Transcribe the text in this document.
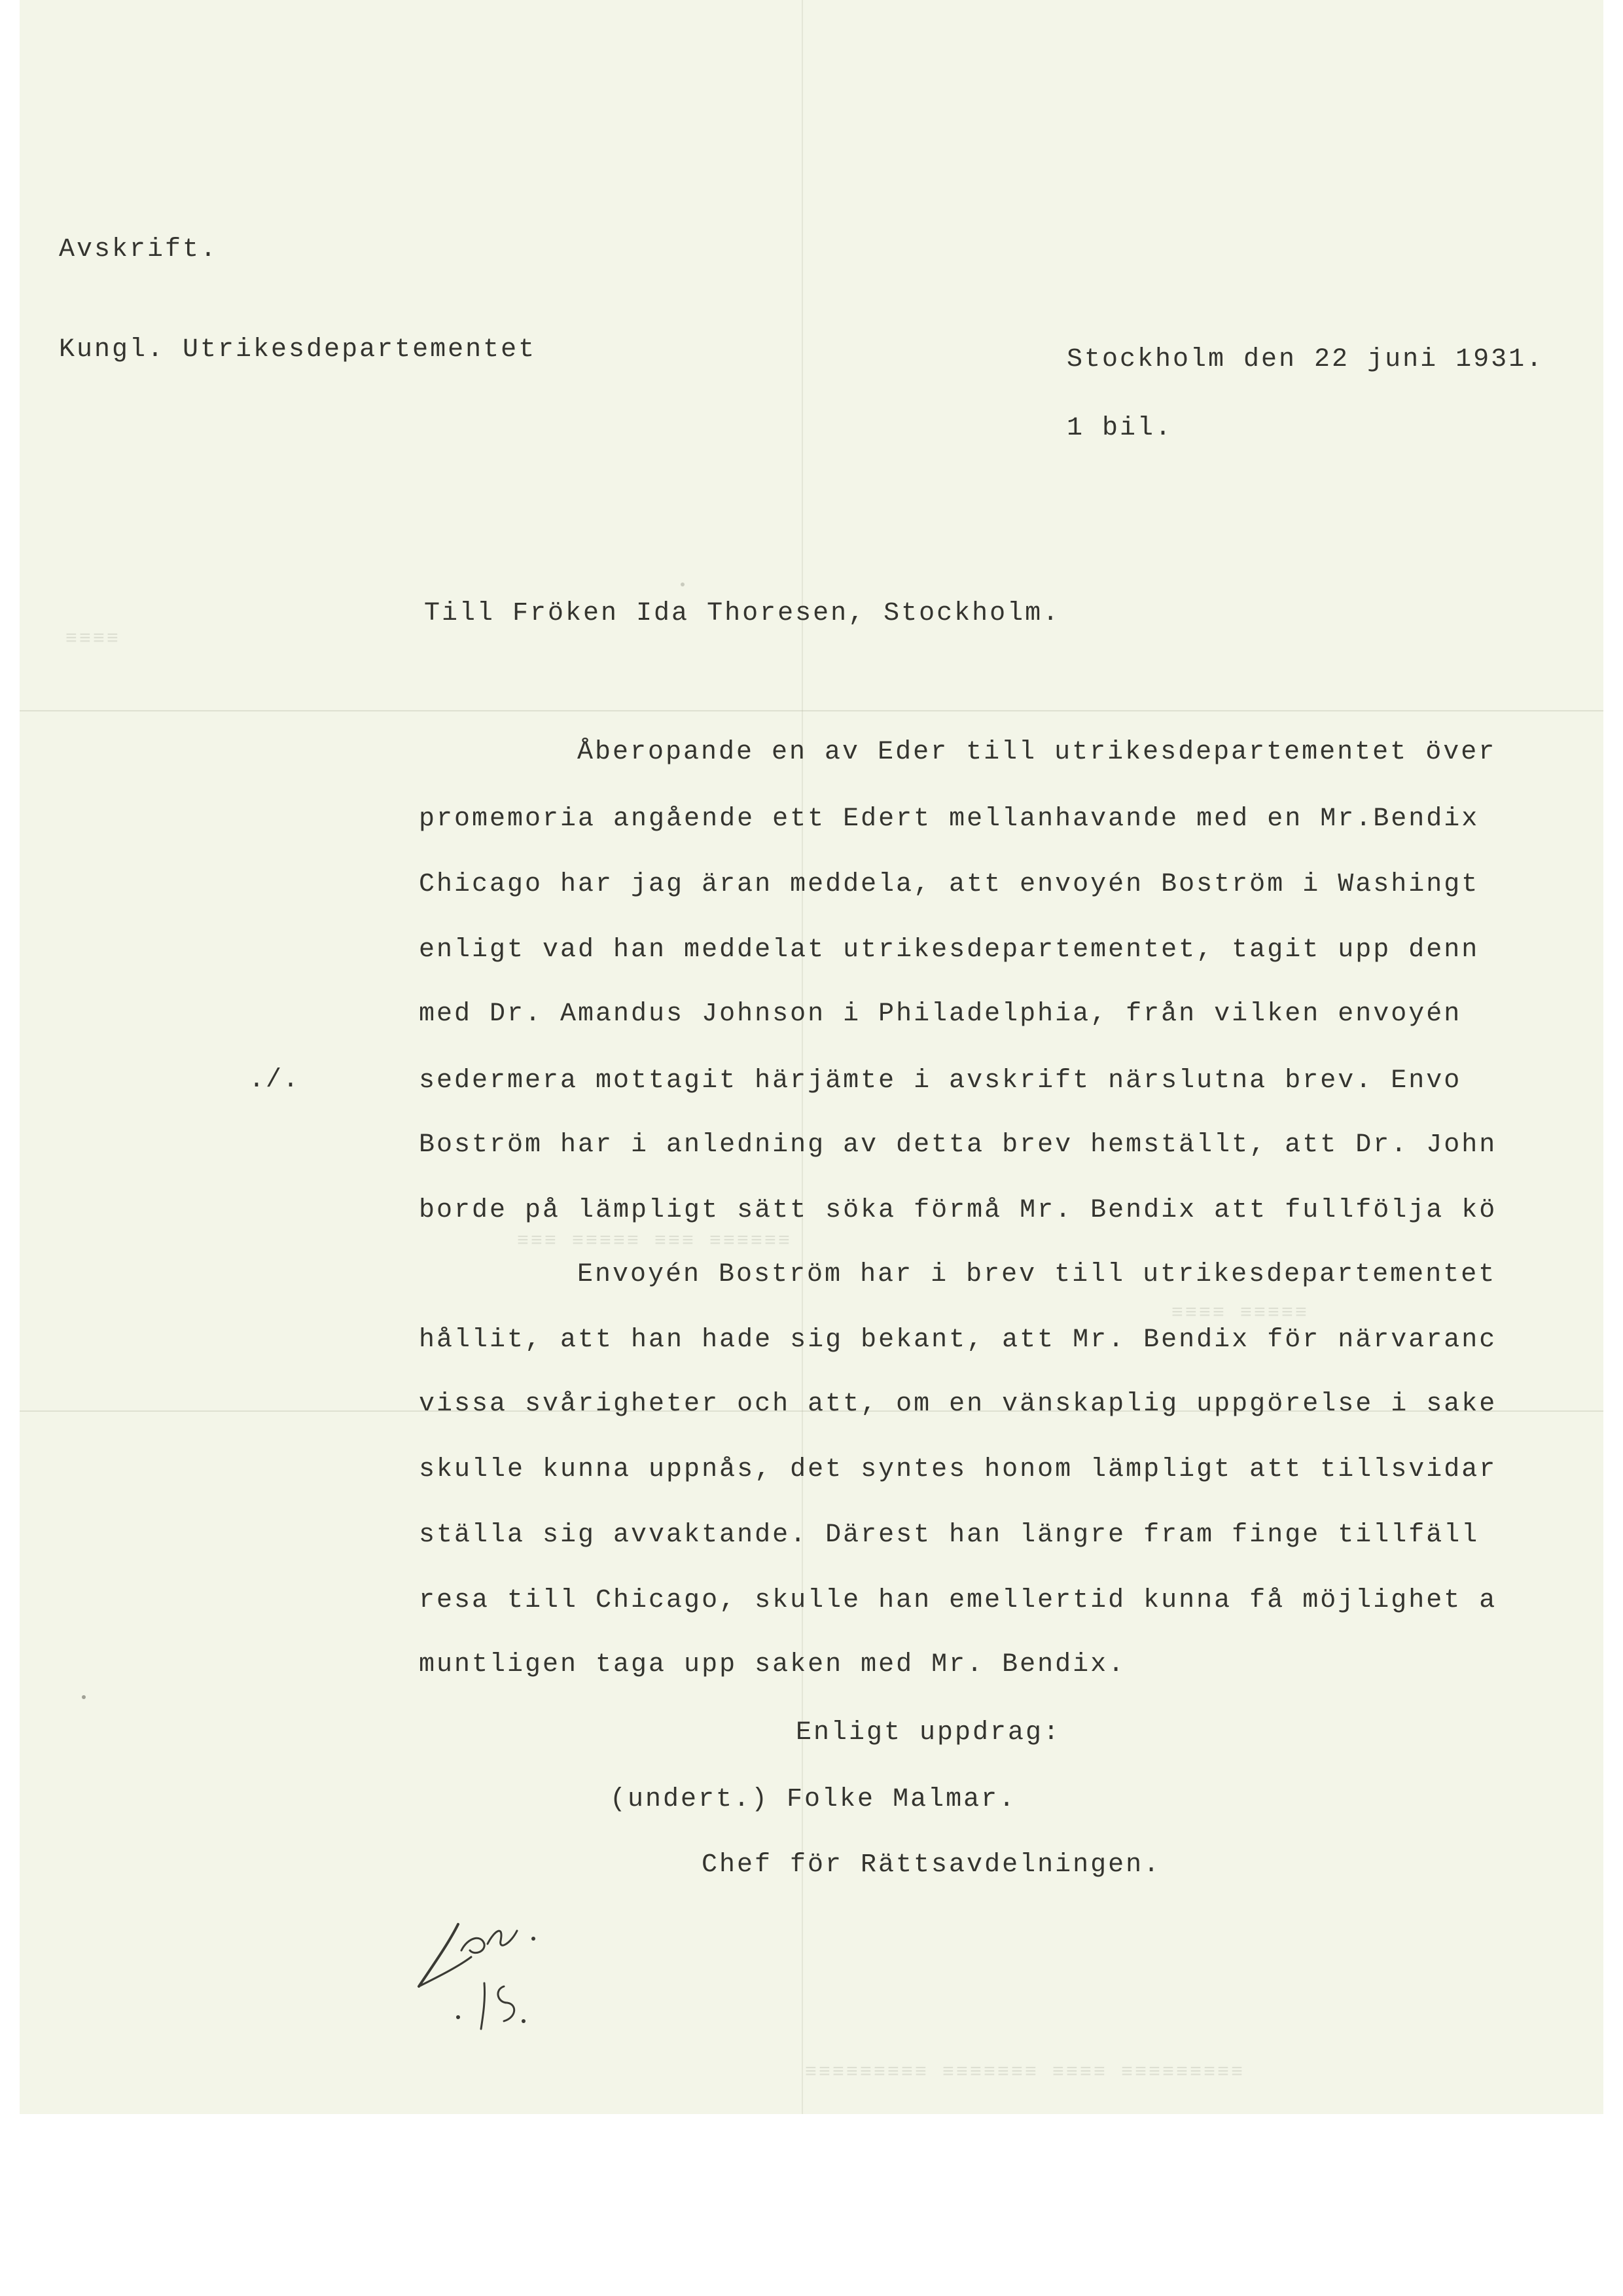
≡≡≡ ≡≡≡≡≡ ≡≡≡ ≡≡≡≡≡≡
≡≡≡≡ ≡≡≡≡≡
≡≡≡≡≡≡≡≡≡ ≡≡≡≡≡≡≡ ≡≡≡≡ ≡≡≡≡≡≡≡≡≡
≡≡≡≡
Avskrift.
Kungl. Utrikesdepartementet	Stockholm den 22 juni 1931.
1 bil.
Till Fröken Ida Thoresen, Stockholm.
./.
Åberopande en av Eder till utrikesdepartementet över
promemoria angående ett Edert mellanhavande med en Mr.Bendix
Chicago har jag äran meddela, att envoyén Boström i Washingt
enligt vad han meddelat utrikesdepartementet, tagit upp denn
med Dr. Amandus Johnson i Philadelphia, från vilken envoyén
sedermera mottagit härjämte i avskrift närslutna brev. Envo
Boström har i anledning av detta brev hemställt, att Dr. John
borde på lämpligt sätt söka förmå Mr. Bendix att fullfölja kö
Envoyén Boström har i brev till utrikesdepartementet
hållit, att han hade sig bekant, att Mr. Bendix för närvaranc
vissa svårigheter och att, om en vänskaplig uppgörelse i sake
skulle kunna uppnås, det syntes honom lämpligt att tillsvidar
ställa sig avvaktande. Därest han längre fram finge tillfäll
resa till Chicago, skulle han emellertid kunna få möjlighet a
muntligen taga upp saken med Mr. Bendix.
Enligt uppdrag:
(undert.) Folke Malmar.
Chef för Rättsavdelningen.
